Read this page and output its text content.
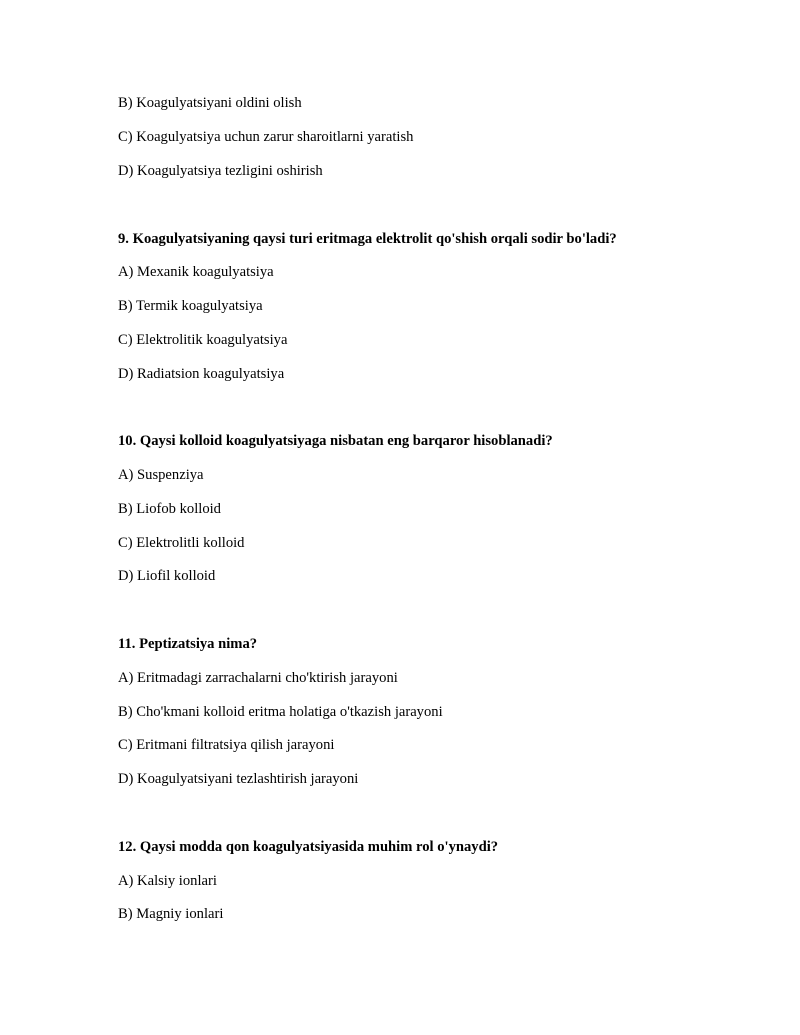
B) Koagulyatsiyani oldini olish
C) Koagulyatsiya uchun zarur sharoitlarni yaratish
D) Koagulyatsiya tezligini oshirish
9. Koagulyatsiyaning qaysi turi eritmaga elektrolit qo'shish orqali sodir bo'ladi?
A) Mexanik koagulyatsiya
B) Termik koagulyatsiya
C) Elektrolitik koagulyatsiya
D) Radiatsion koagulyatsiya
10. Qaysi kolloid koagulyatsiyaga nisbatan eng barqaror hisoblanadi?
A) Suspenziya
B) Liofob kolloid
C) Elektrolitli kolloid
D) Liofil kolloid
11. Peptizatsiya nima?
A) Eritmadagi zarrachalarni cho'ktirish jarayoni
B) Cho'kmani kolloid eritma holatiga o'tkazish jarayoni
C) Eritmani filtratsiya qilish jarayoni
D) Koagulyatsiyani tezlashtirish jarayoni
12. Qaysi modda qon koagulyatsiyasida muhim rol o'ynaydi?
A) Kalsiy ionlari
B) Magniy ionlari
